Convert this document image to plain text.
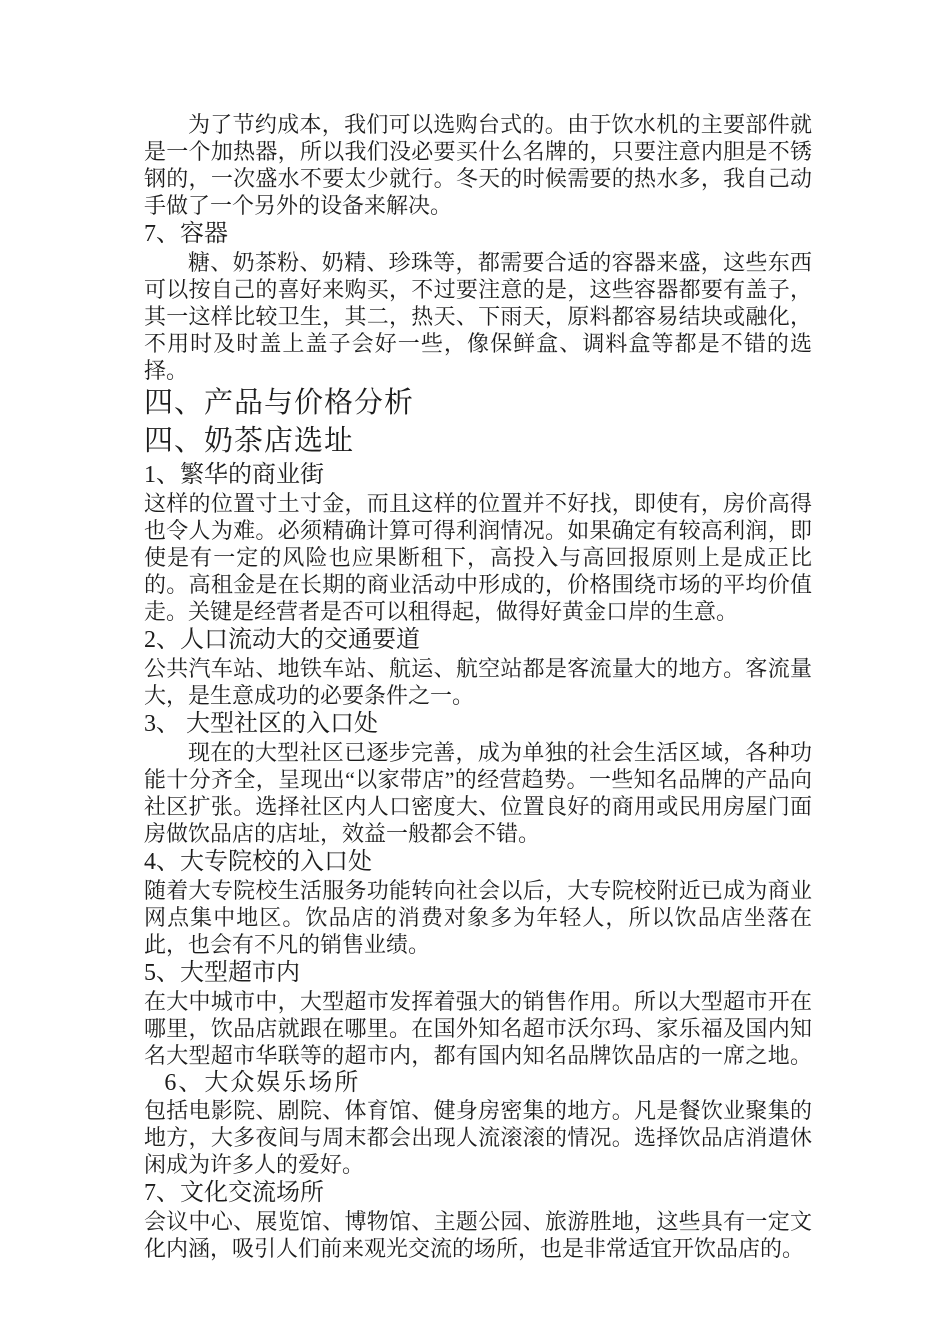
为了节约成本，我们可以选购台式的。由于饮水机的主要部件就是一个加热器，所以我们没必要买什么名牌的，只要注意内胆是不锈钢的，一次盛水不要太少就行。冬天的时候需要的热水多，我自己动手做了一个另外的设备来解决。
7、容器
糖、奶茶粉、奶精、珍珠等，都需要合适的容器来盛，这些东西可以按自己的喜好来购买，不过要注意的是，这些容器都要有盖子，其一这样比较卫生，其二，热天、下雨天，原料都容易结块或融化，不用时及时盖上盖子会好一些，像保鲜盒、调料盒等都是不错的选择。
四、产品与价格分析
四、奶茶店选址
1、繁华的商业街
这样的位置寸土寸金，而且这样的位置并不好找，即使有，房价高得也令人为难。必须精确计算可得利润情况。如果确定有较高利润，即使是有一定的风险也应果断租下，高投入与高回报原则上是成正比的。高租金是在长期的商业活动中形成的，价格围绕市场的平均价值走。关键是经营者是否可以租得起，做得好黄金口岸的生意。
2、人口流动大的交通要道
公共汽车站、地铁车站、航运、航空站都是客流量大的地方。客流量大，是生意成功的必要条件之一。
3、 大型社区的入口处
现在的大型社区已逐步完善，成为单独的社会生活区域，各种功能十分齐全，呈现出“以家带店”的经营趋势。一些知名品牌的产品向社区扩张。选择社区内人口密度大、位置良好的商用或民用房屋门面房做饮品店的店址，效益一般都会不错。
4、大专院校的入口处
随着大专院校生活服务功能转向社会以后，大专院校附近已成为商业网点集中地区。饮品店的消费对象多为年轻人，所以饮品店坐落在此，也会有不凡的销售业绩。
5、大型超市内
在大中城市中，大型超市发挥着强大的销售作用。所以大型超市开在哪里，饮品店就跟在哪里。在国外知名超市沃尔玛、家乐福及国内知名大型超市华联等的超市内，都有国内知名品牌饮品店的一席之地。6、大众娱乐场所
包括电影院、剧院、体育馆、健身房密集的地方。凡是餐饮业聚集的地方，大多夜间与周末都会出现人流滚滚的情况。选择饮品店消遣休闲成为许多人的爱好。
7、文化交流场所
会议中心、展览馆、博物馆、主题公园、旅游胜地，这些具有一定文化内涵，吸引人们前来观光交流的场所，也是非常适宜开饮品店的。
